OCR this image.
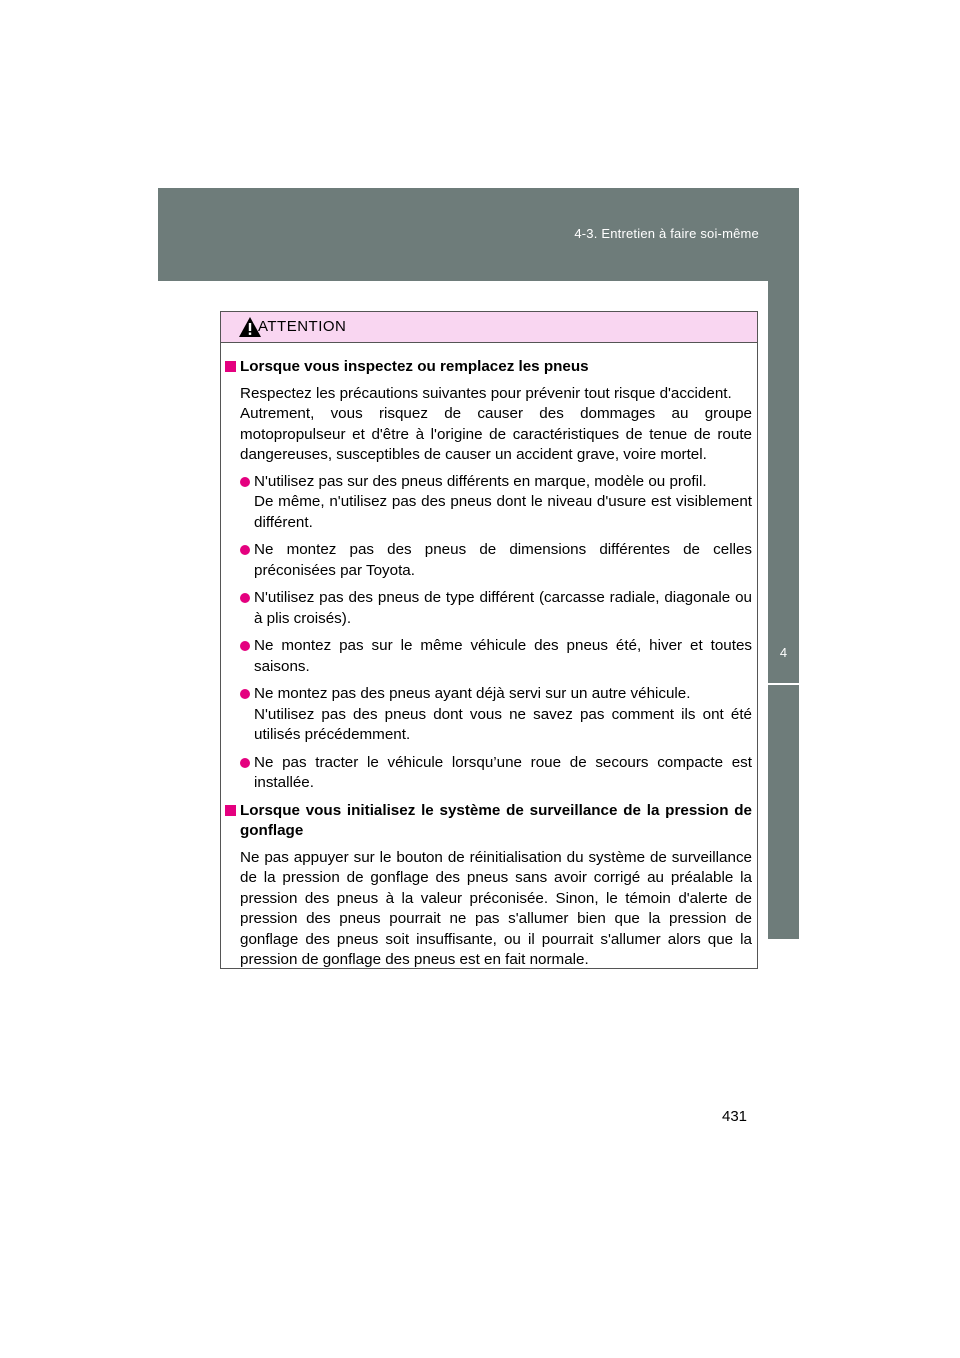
4-3. Entretien à faire soi-même
4
Entretien et soin
ATTENTION
Lorsque vous inspectez ou remplacez les pneus
Respectez les précautions suivantes pour prévenir tout risque d'accident.
Autrement, vous risquez de causer des dommages au groupe motopropulseur et d'être à l'origine de caractéristiques de tenue de route dangereuses, susceptibles de causer un accident grave, voire mortel.
N'utilisez pas sur des pneus différents en marque, modèle ou profil.
De même, n'utilisez pas des pneus dont le niveau d'usure est visiblement différent.
Ne montez pas des pneus de dimensions différentes de celles préconisées par Toyota.
N'utilisez pas des pneus de type différent (carcasse radiale, diagonale ou à plis croisés).
Ne montez pas sur le même véhicule des pneus été, hiver et toutes saisons.
Ne montez pas des pneus ayant déjà servi sur un autre véhicule.
N'utilisez pas des pneus dont vous ne savez pas comment ils ont été utilisés précédemment.
Ne pas tracter le véhicule lorsqu’une roue de secours compacte est installée.
Lorsque vous initialisez le système de surveillance de la pression de gonflage
Ne pas appuyer sur le bouton de réinitialisation du système de surveillance de la pression de gonflage des pneus sans avoir corrigé au préalable la pression des pneus à la valeur préconisée. Sinon, le témoin d'alerte de pression des pneus pourrait ne pas s'allumer bien que la pression de gonflage des pneus soit insuffisante, ou il pourrait s'allumer alors que la pression de gonflage des pneus est en fait normale.
431
